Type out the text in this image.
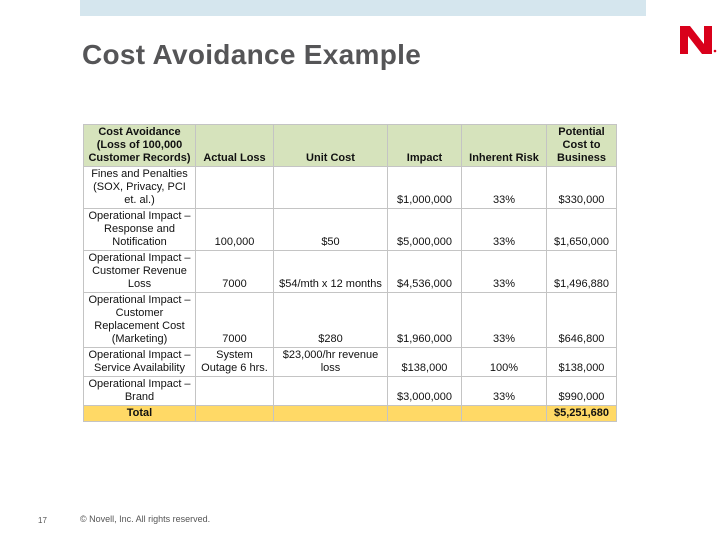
Cost Avoidance Example
Cost Avoidance (Loss of 100,000 Customer Records)	Actual Loss	Unit Cost	Impact	Inherent Risk	Potential Cost to Business
Fines and Penalties (SOX, Privacy, PCI et. al.)			$1,000,000	33%	$330,000
Operational Impact – Response and Notification	100,000	$50	$5,000,000	33%	$1,650,000
Operational Impact – Customer Revenue Loss	7000	$54/mth x 12 months	$4,536,000	33%	$1,496,880
Operational Impact – Customer Replacement Cost (Marketing)	7000	$280	$1,960,000	33%	$646,800
Operational Impact – Service Availability	System Outage 6 hrs.	$23,000/hr revenue loss	$138,000	100%	$138,000
Operational Impact – Brand			$3,000,000	33%	$990,000
Total					$5,251,680
17	© Novell, Inc. All rights reserved.
